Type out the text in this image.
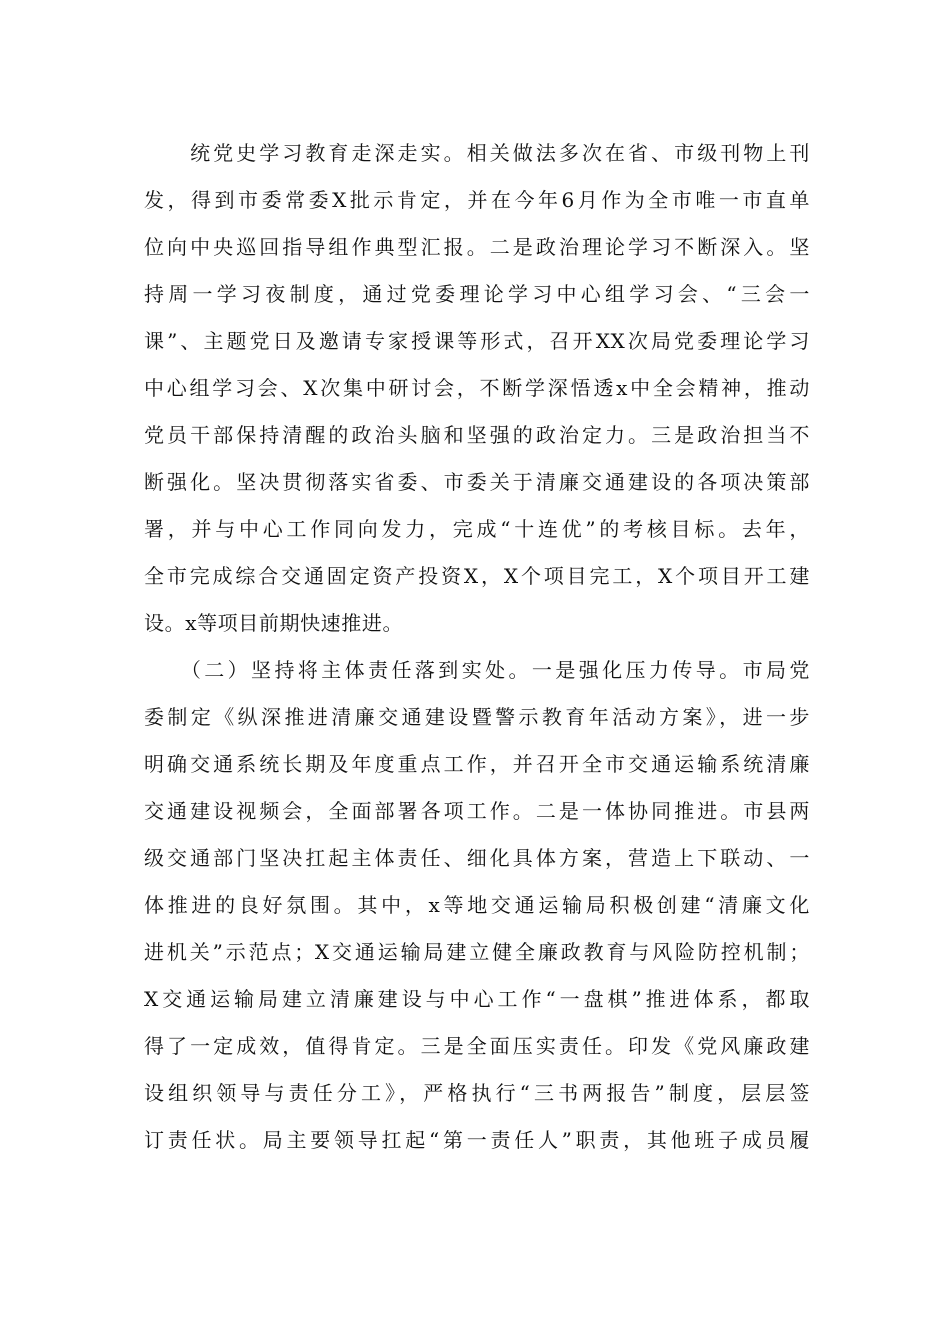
　　统党史学习教育走深走实。相关做法多次在省、市级刊物上刊
发，得到市委常委X批示肯定，并在今年6月作为全市唯一市直单
位向中央巡回指导组作典型汇报。二是政治理论学习不断深入。坚
持周一学习夜制度，通过党委理论学习中心组学习会、“三会一
课”、主题党日及邀请专家授课等形式，召开XX次局党委理论学习
中心组学习会、X次集中研讨会，不断学深悟透x中全会精神，推动
党员干部保持清醒的政治头脑和坚强的政治定力。三是政治担当不
断强化。坚决贯彻落实省委、市委关于清廉交通建设的各项决策部
署，并与中心工作同向发力，完成“十连优”的考核目标。去年，
全市完成综合交通固定资产投资X，X个项目完工，X个项目开工建
设。x等项目前期快速推进。
　　（二）坚持将主体责任落到实处。一是强化压力传导。市局党
委制定《纵深推进清廉交通建设暨警示教育年活动方案》，进一步
明确交通系统长期及年度重点工作，并召开全市交通运输系统清廉
交通建设视频会，全面部署各项工作。二是一体协同推进。市县两
级交通部门坚决扛起主体责任、细化具体方案，营造上下联动、一
体推进的良好氛围。其中，x等地交通运输局积极创建“清廉文化
进机关”示范点；X交通运输局建立健全廉政教育与风险防控机制；
X交通运输局建立清廉建设与中心工作“一盘棋”推进体系，都取
得了一定成效，值得肯定。三是全面压实责任。印发《党风廉政建
设组织领导与责任分工》，严格执行“三书两报告”制度，层层签
订责任状。局主要领导扛起“第一责任人”职责，其他班子成员履
